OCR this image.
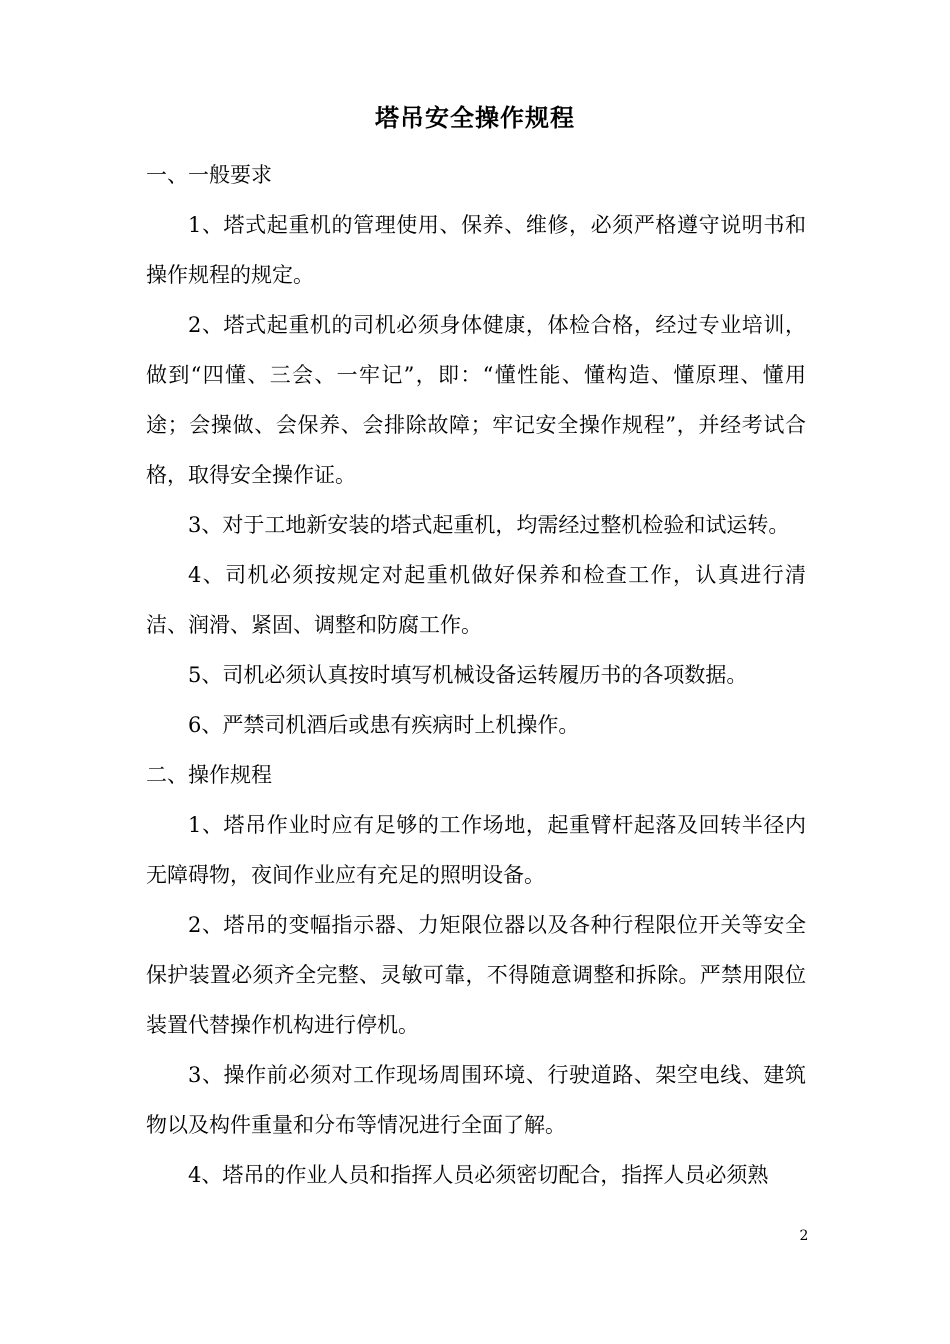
塔吊安全操作规程

一、一般要求

1、塔式起重机的管理使用、保养、维修，必须严格遵守说明书和操作规程的规定。

2、塔式起重机的司机必须身体健康，体检合格，经过专业培训，做到“四懂、三会、一牢记”，即：“懂性能、懂构造、懂原理、懂用途；会操做、会保养、会排除故障；牢记安全操作规程”，并经考试合格，取得安全操作证。

3、对于工地新安装的塔式起重机，均需经过整机检验和试运转。

4、司机必须按规定对起重机做好保养和检查工作，认真进行清洁、润滑、紧固、调整和防腐工作。

5、司机必须认真按时填写机械设备运转履历书的各项数据。

6、严禁司机酒后或患有疾病时上机操作。

二、操作规程

1、塔吊作业时应有足够的工作场地，起重臂杆起落及回转半径内无障碍物，夜间作业应有充足的照明设备。

2、塔吊的变幅指示器、力矩限位器以及各种行程限位开关等安全保护装置必须齐全完整、灵敏可靠，不得随意调整和拆除。严禁用限位装置代替操作机构进行停机。

3、操作前必须对工作现场周围环境、行驶道路、架空电线、建筑物以及构件重量和分布等情况进行全面了解。

4、塔吊的作业人员和指挥人员必须密切配合，指挥人员必须熟

2
